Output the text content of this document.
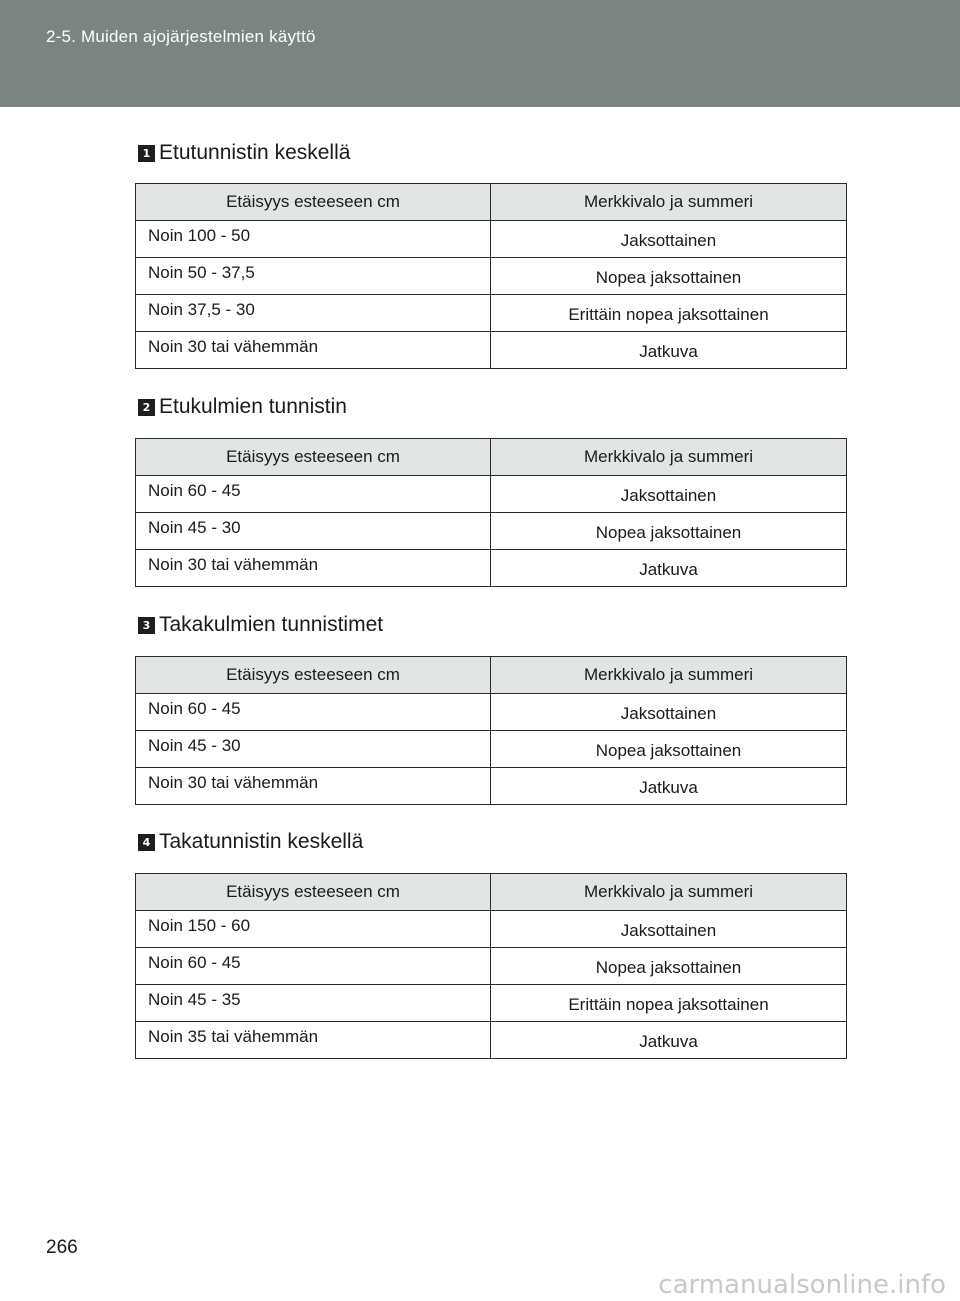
2-5. Muiden ajojärjestelmien käyttö
1 Etutunnistin keskellä
Etäisyys esteeseen cm	Merkkivalo ja summeri
Noin 100 - 50	Jaksottainen
Noin 50 - 37,5	Nopea jaksottainen
Noin 37,5 - 30	Erittäin nopea jaksottainen
Noin 30 tai vähemmän	Jatkuva
2 Etukulmien tunnistin
Etäisyys esteeseen cm	Merkkivalo ja summeri
Noin 60 - 45	Jaksottainen
Noin 45 - 30	Nopea jaksottainen
Noin 30 tai vähemmän	Jatkuva
3 Takakulmien tunnistimet
Etäisyys esteeseen cm	Merkkivalo ja summeri
Noin 60 - 45	Jaksottainen
Noin 45 - 30	Nopea jaksottainen
Noin 30 tai vähemmän	Jatkuva
4 Takatunnistin keskellä
Etäisyys esteeseen cm	Merkkivalo ja summeri
Noin 150 - 60	Jaksottainen
Noin 60 - 45	Nopea jaksottainen
Noin 45 - 35	Erittäin nopea jaksottainen
Noin 35 tai vähemmän	Jatkuva
266
carmanualsonline.info
